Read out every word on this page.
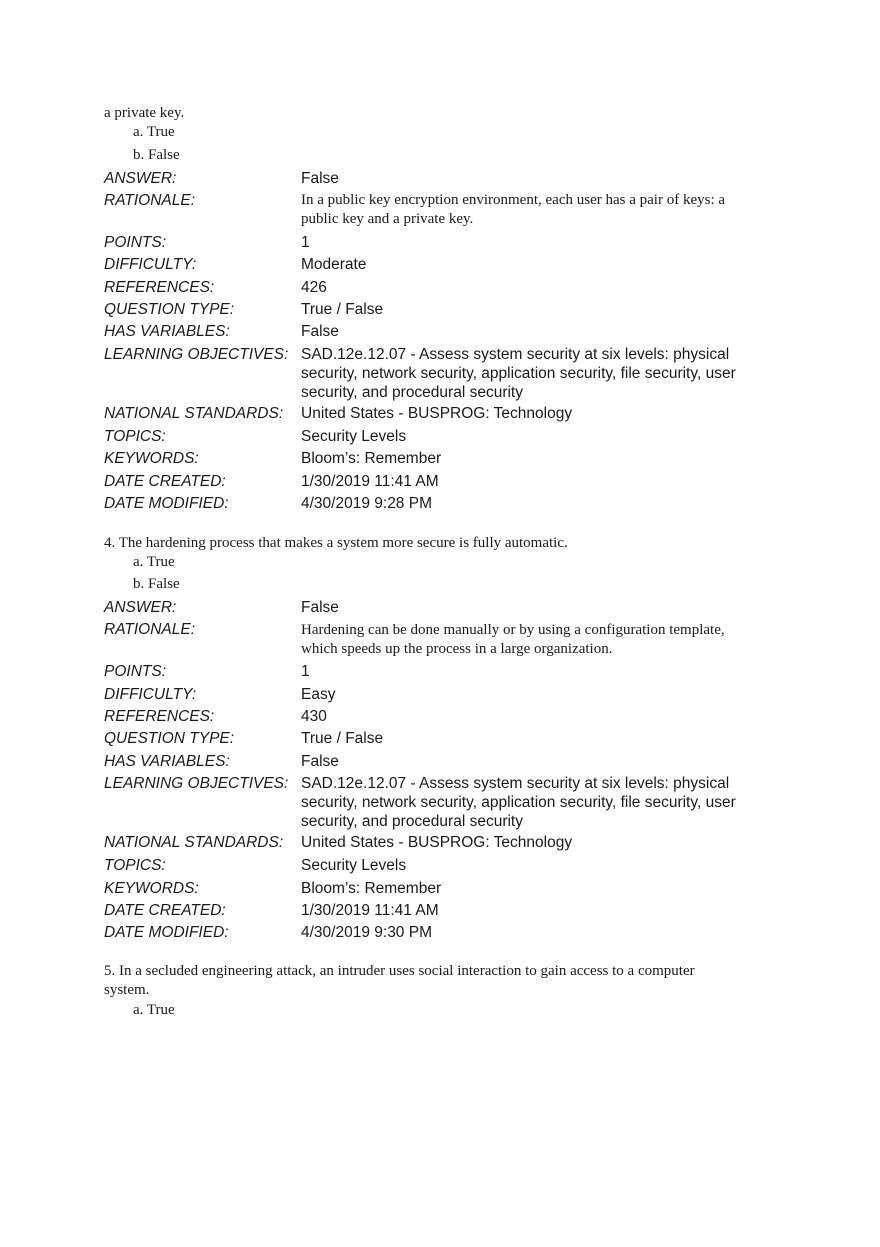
a private key.
a. True
b. False
ANSWER:	False
RATIONALE:	In a public key encryption environment, each user has a pair of keys: a public key and a private key.
POINTS:	1
DIFFICULTY:	Moderate
REFERENCES:	426
QUESTION TYPE:	True / False
HAS VARIABLES:	False
LEARNING OBJECTIVES: SAD.12e.12.07 - Assess system security at six levels: physical security, network security, application security, file security, user security, and procedural security
NATIONAL STANDARDS: United States - BUSPROG: Technology
TOPICS:	Security Levels
KEYWORDS:	Bloom’s: Remember
DATE CREATED:	1/30/2019 11:41 AM
DATE MODIFIED:	4/30/2019 9:28 PM
4. The hardening process that makes a system more secure is fully automatic.
a. True
b. False
ANSWER:	False
RATIONALE:	Hardening can be done manually or by using a configuration template, which speeds up the process in a large organization.
POINTS:	1
DIFFICULTY:	Easy
REFERENCES:	430
QUESTION TYPE:	True / False
HAS VARIABLES:	False
LEARNING OBJECTIVES: SAD.12e.12.07 - Assess system security at six levels: physical security, network security, application security, file security, user security, and procedural security
NATIONAL STANDARDS: United States - BUSPROG: Technology
TOPICS:	Security Levels
KEYWORDS:	Bloom’s: Remember
DATE CREATED:	1/30/2019 11:41 AM
DATE MODIFIED:	4/30/2019 9:30 PM
5. In a secluded engineering attack, an intruder uses social interaction to gain access to a computer
system.
a. True
